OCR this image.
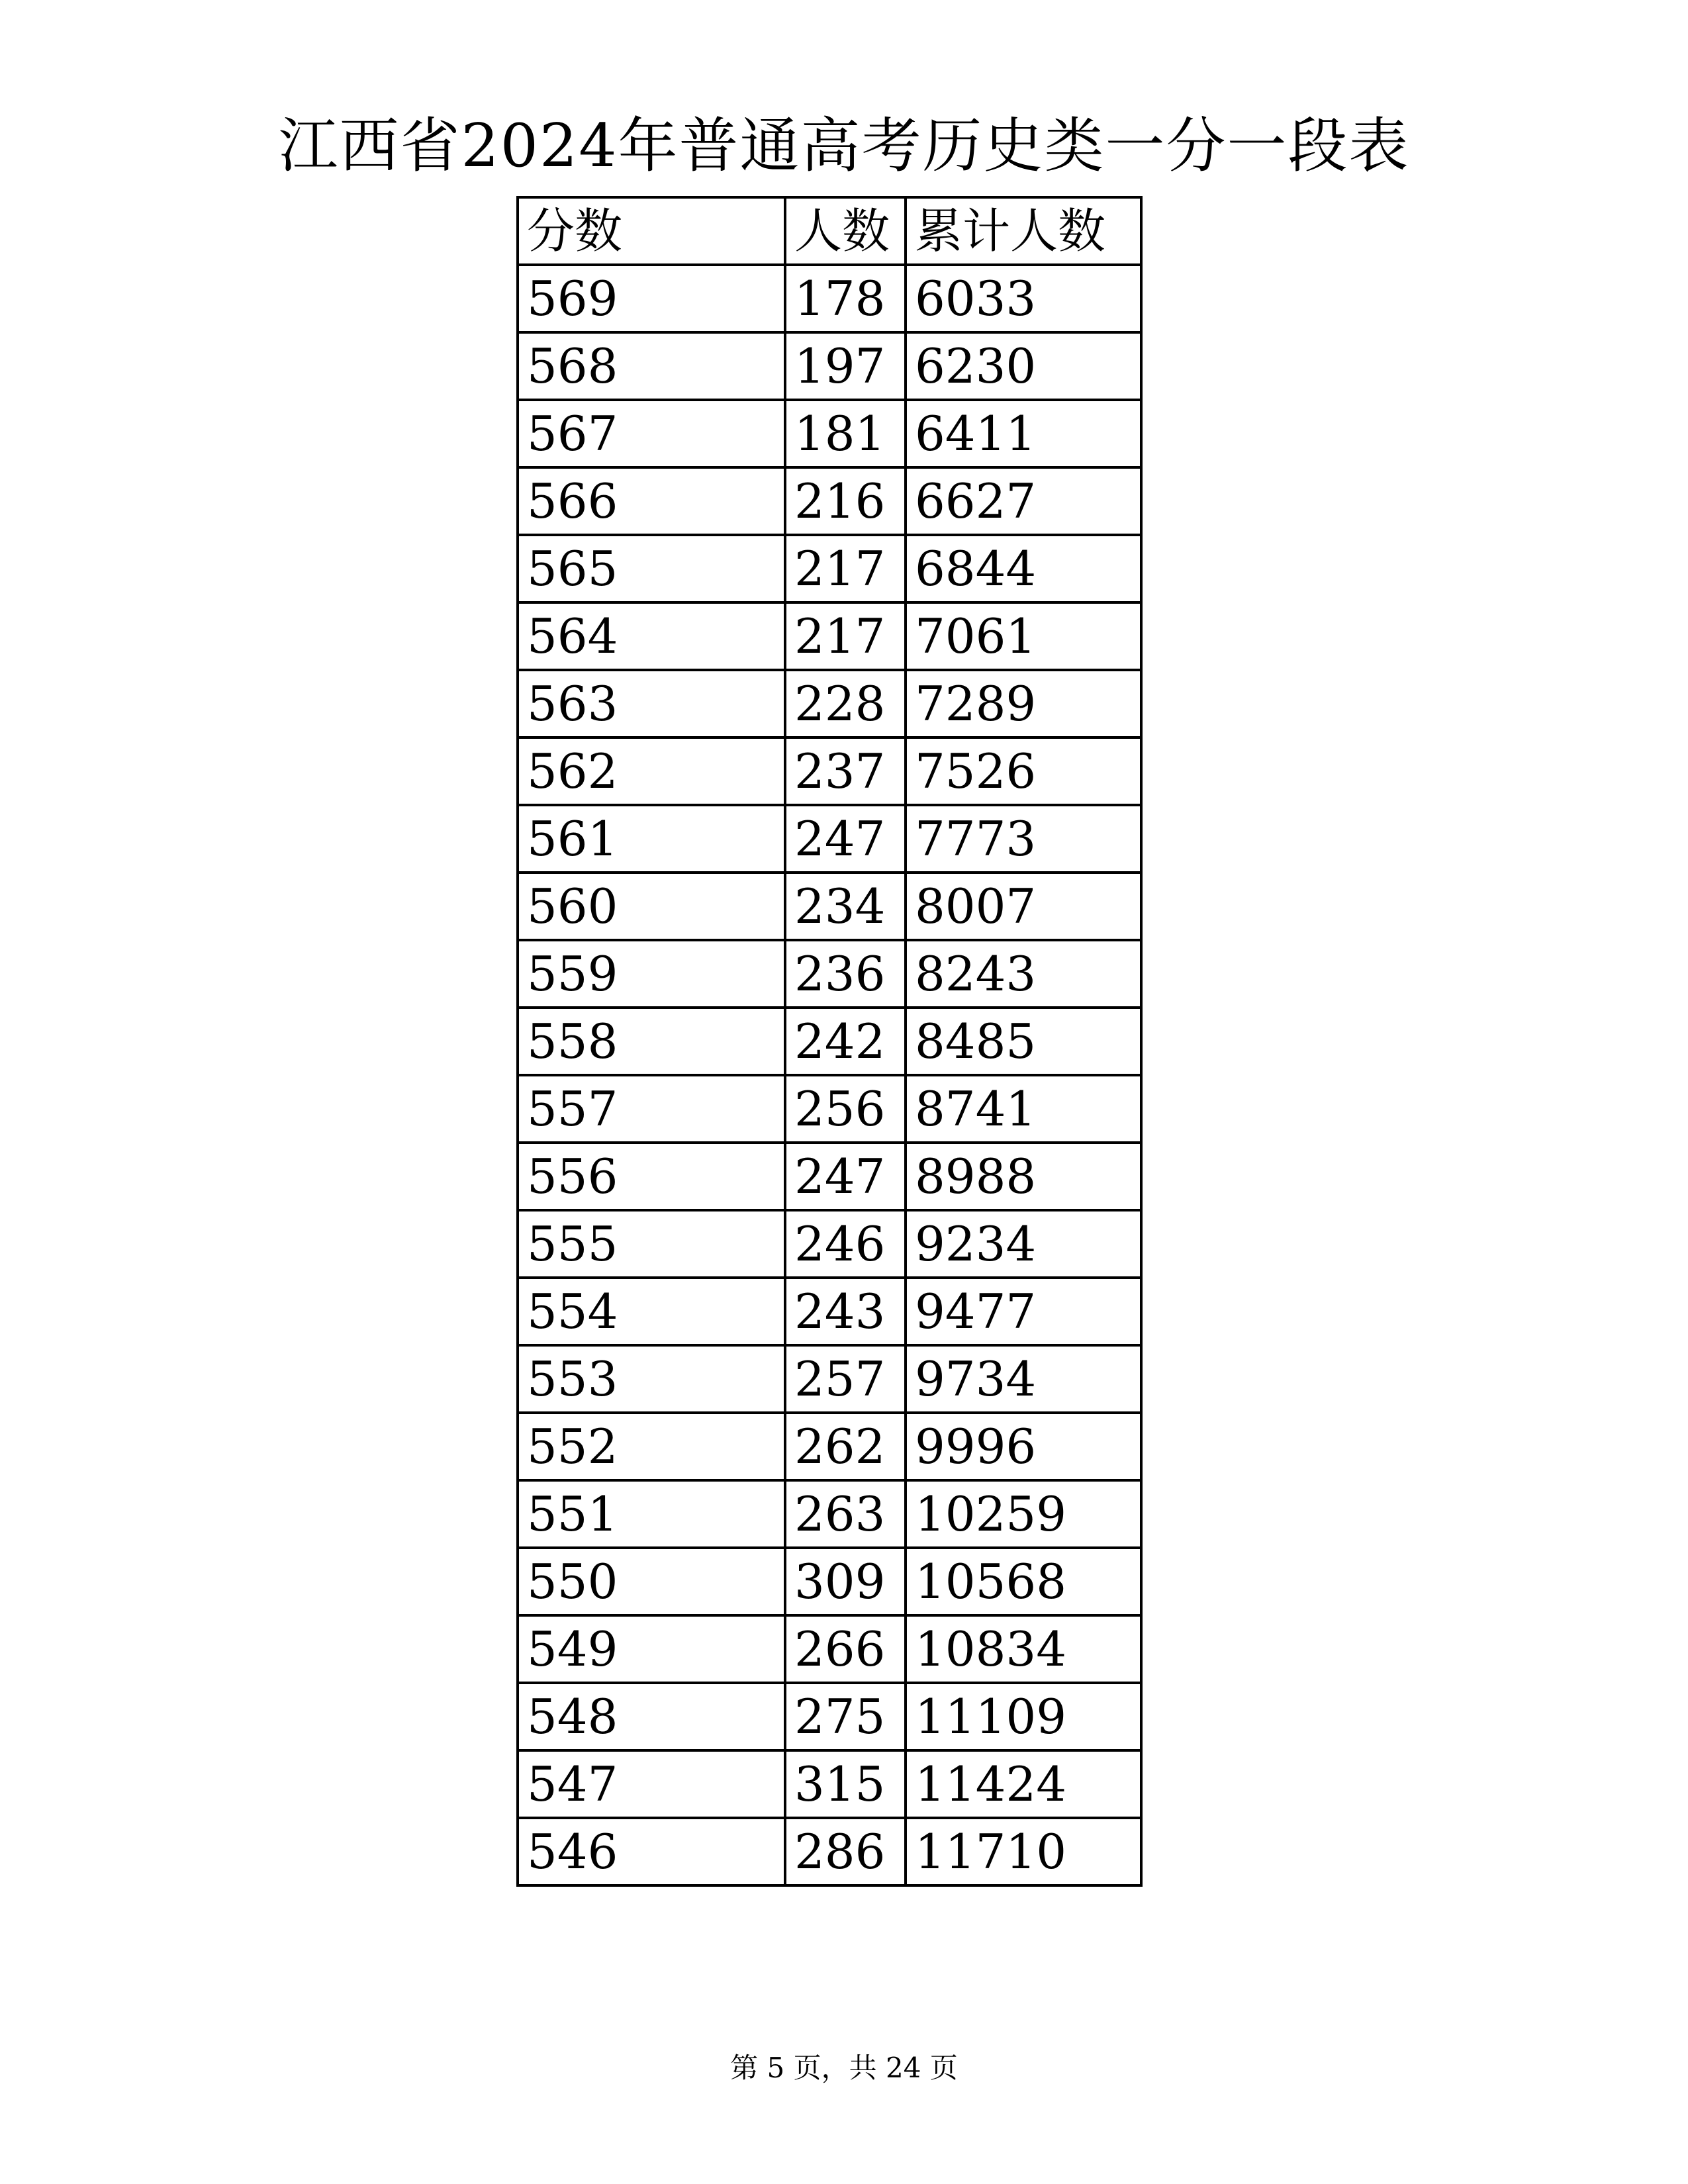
江西省2024年普通高考历史类一分一段表
分数	人数	累计人数
569	178	6033
568	197	6230
567	181	6411
566	216	6627
565	217	6844
564	217	7061
563	228	7289
562	237	7526
561	247	7773
560	234	8007
559	236	8243
558	242	8485
557	256	8741
556	247	8988
555	246	9234
554	243	9477
553	257	9734
552	262	9996
551	263	10259
550	309	10568
549	266	10834
548	275	11109
547	315	11424
546	286	11710
第 5 页，共 24 页
